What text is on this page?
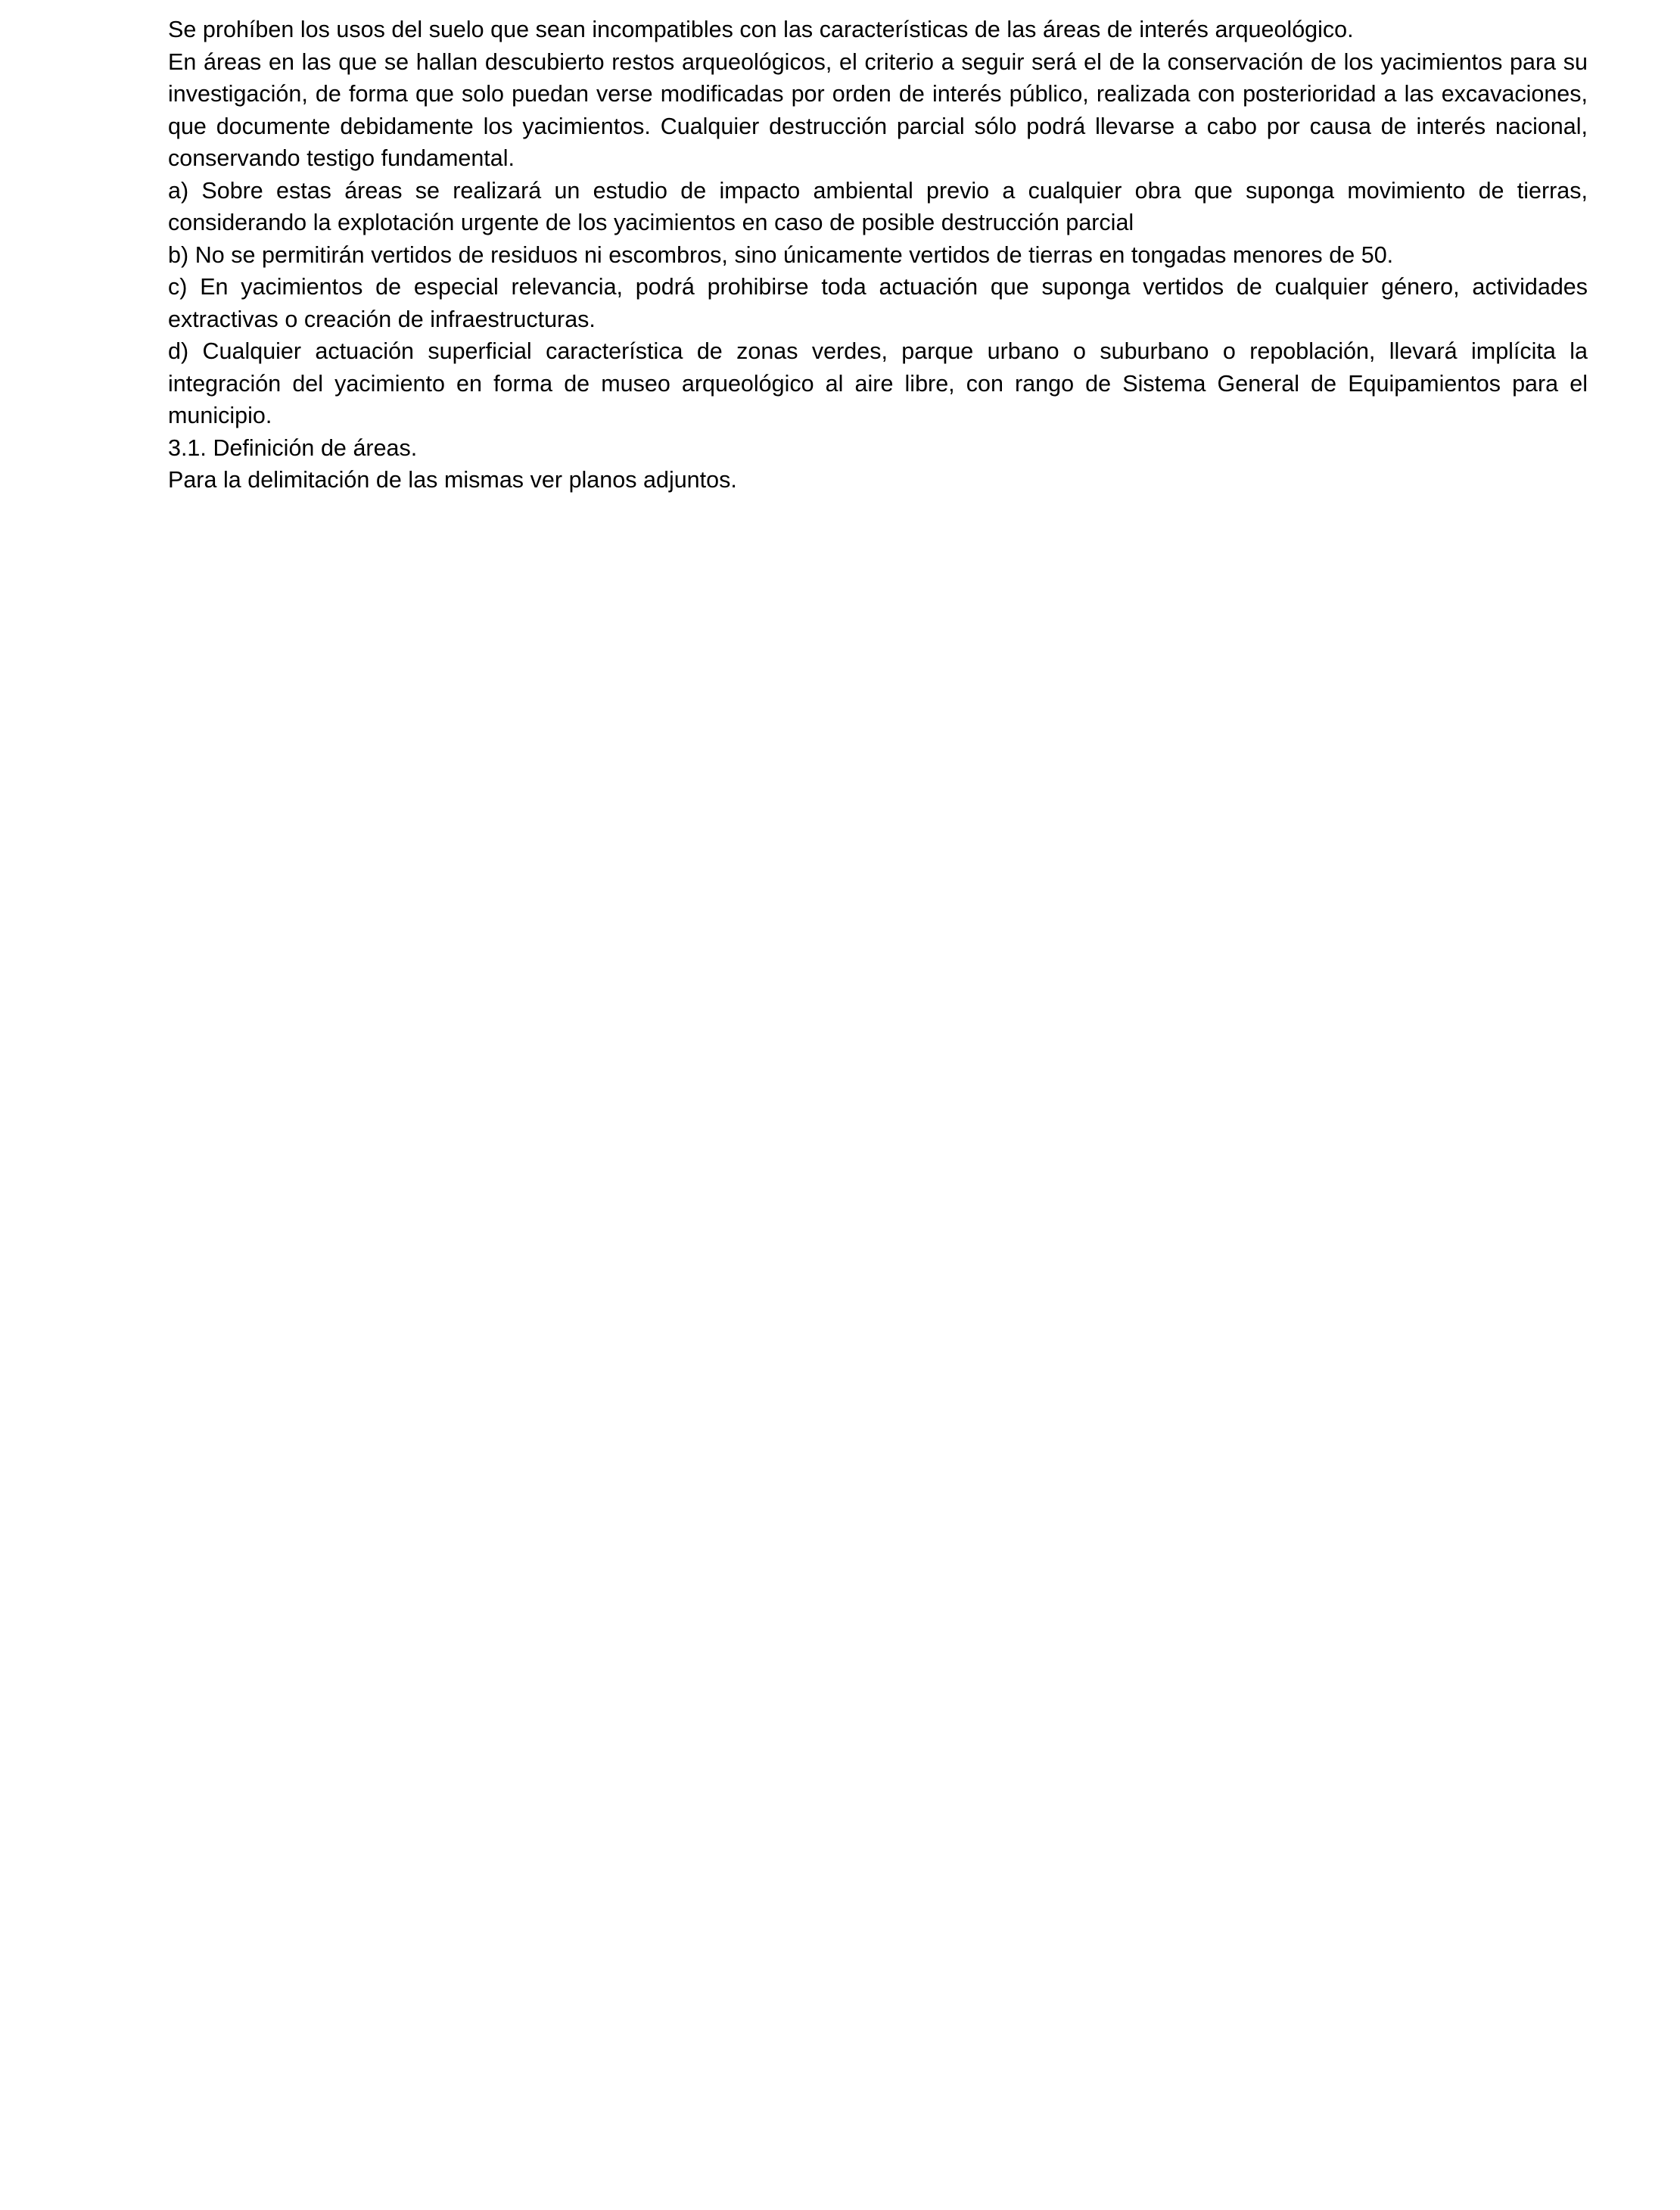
Se prohíben los usos del suelo que sean incompatibles con las características de las áreas de interés arqueológico.

En áreas en las que se hallan descubierto restos arqueológicos, el criterio a seguir será el de la conservación de los yacimientos para su investigación, de forma que solo puedan verse modificadas por orden de interés público, realizada con posterioridad a las excavaciones, que documente debidamente los yacimientos. Cualquier destrucción parcial sólo podrá llevarse a cabo por causa de interés nacional, conservando testigo fundamental.

a) Sobre estas áreas se realizará un estudio de impacto ambiental previo a cualquier obra que suponga movimiento de tierras, considerando la explotación urgente de los yacimientos en caso de posible destrucción parcial

b) No se permitirán vertidos de residuos ni escombros, sino únicamente vertidos de tierras en tongadas menores de 50.

c) En yacimientos de especial relevancia, podrá prohibirse toda actuación que suponga vertidos de cualquier género, actividades extractivas o creación de infraestructuras.

d) Cualquier actuación superficial característica de zonas verdes, parque urbano o suburbano o repoblación, llevará implícita la integración del yacimiento en forma de museo arqueológico al aire libre, con rango de Sistema General de Equipamientos para el municipio.

3.1. Definición de áreas.

Para la delimitación de las mismas ver planos adjuntos.
